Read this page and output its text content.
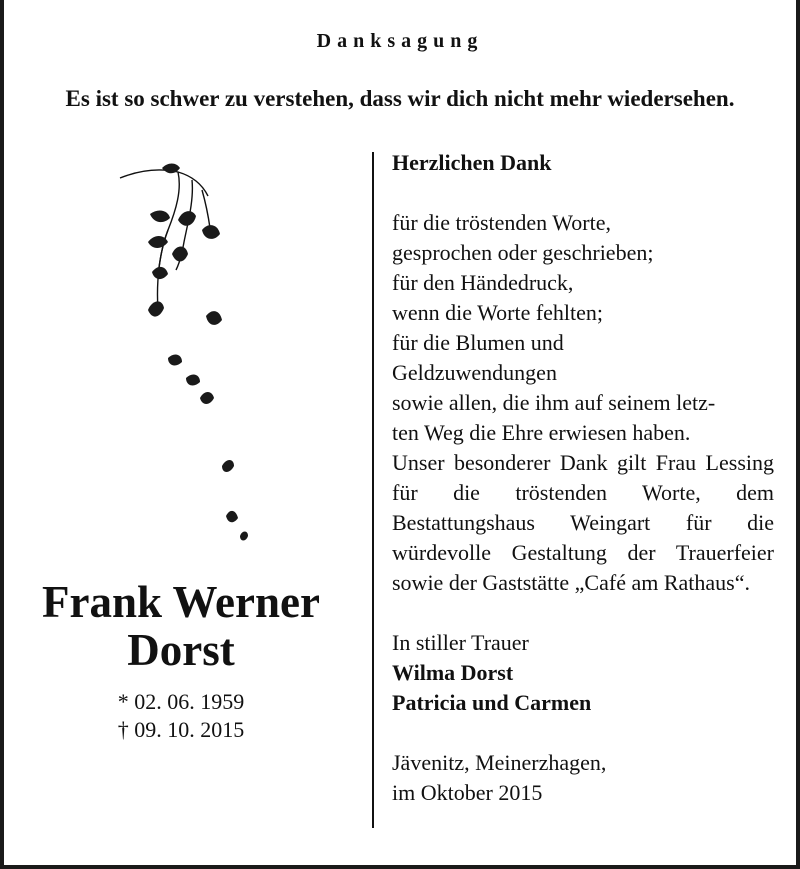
Danksagung
Es ist so schwer zu verstehen, dass wir dich nicht mehr wiedersehen.
Frank Werner
Dorst
* 02. 06. 1959
† 09. 10. 2015

Herzlichen Dank

für die tröstenden Worte,

gesprochen oder geschrieben;

für den Händedruck,

wenn die Worte fehlten;

für die Blumen und

Geldzuwendungen

sowie allen, die ihm auf seinem letz-

ten Weg die Ehre erwiesen haben.

Unser besonderer Dank gilt Frau Lessing für die tröstenden Worte, dem Bestattungshaus Weingart für die würdevolle Gestaltung der Trauerfeier sowie der Gaststätte „Café am Rathaus“.

In stiller Trauer

Wilma Dorst

Patricia und Carmen

Jävenitz, Meinerzhagen,

im Oktober 2015
